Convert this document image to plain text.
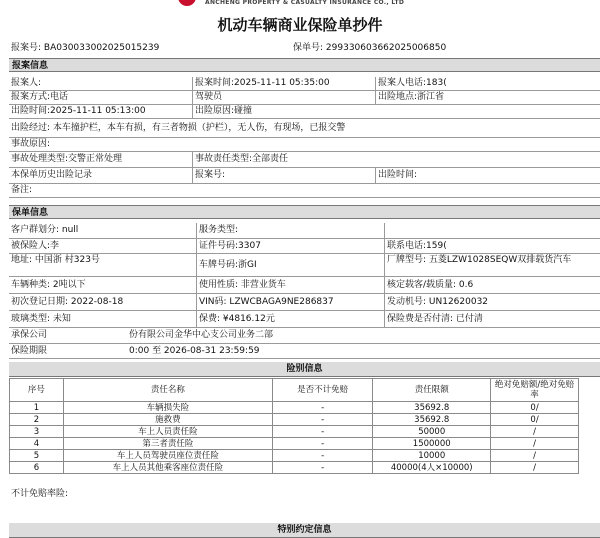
ANCHENG PROPERTY & CASUALTY INSURANCE CO., LTD
机动车辆商业保险单抄件
报案号: BA030033002025015239	保单号: 299330603662025006850
报案信息
报案人:	报案时间:2025-11-11 05:35:00	报案人电话:183(
报案方式:电话	驾驶员	出险地点:浙江省
出险时间:2025-11-11 05:13:00	出险原因:碰撞
出险经过: 本车撞护栏，本车有损，有三者物损（护栏），无人伤，有现场，已报交警
事故原因:
事故处理类型:交警正常处理	事故责任类型:全部责任
本保单历史出险记录	报案号:	出险时间:
备注:
保单信息
客户群划分: null	服务类型:
被保险人:李	证件号码:3307	联系电话:159(
地址: 中国浙 村323号	车牌号码:浙GI	厂牌型号: 五菱LZW1028SEQW双排载货汽车
车辆种类: 2吨以下	使用性质: 非营业货车	核定载客/载质量: 0.6
初次登记日期: 2022-08-18	VIN码: LZWCBAGA9NE286837	发动机号: UN12620032
玻璃类型: 未知	保费: ¥4816.12元	保险费是否付清: 已付清
承保公司	份有限公司金华中心支公司业务二部
保险期限	0:00 至 2026-08-31 23:59:59
险别信息
序号	责任名称	是否不计免赔	责任限额	绝对免赔额/绝对免赔率
1	车辆损失险	-	35692.8	0/
2	施救费	-	35692.8	0/
3	车上人员责任险	-	50000	/
4	第三者责任险	-	1500000	/
5	车上人员驾驶员座位责任险	-	10000	/
6	车上人员其他乘客座位责任险	-	40000(4人×10000)	/
不计免赔率险:
特别约定信息
